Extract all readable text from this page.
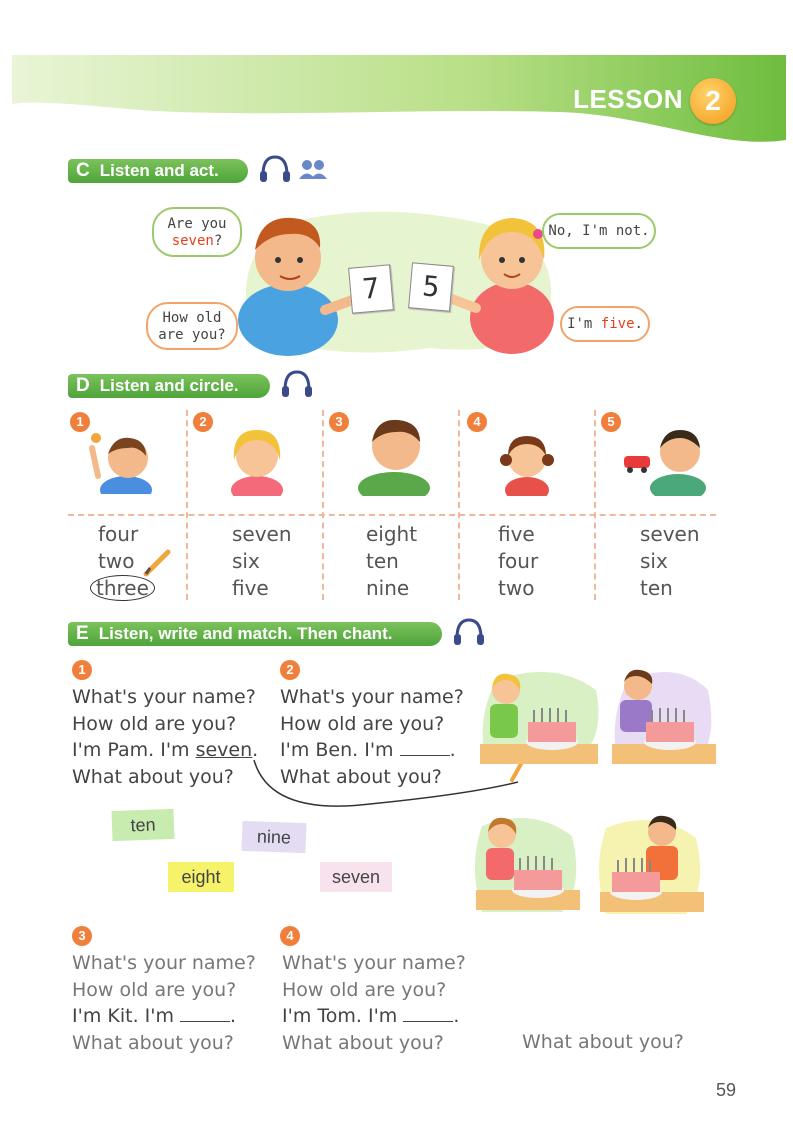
LESSON 2
C Listen and act.
7	5
Are you
seven?
How old
are you?
No, I'm not.
I'm five.
D Listen and circle.
1
four
two
three
2
seven
six
five
3
eight
ten
nine
4
five
four
two
5
seven
six
ten
E Listen, write and match. Then chant.
1
What's your name?
How old are you?
I'm Pam. I'm seven.
What about you?
2
What's your name?
How old are you?
I'm Ben. I'm	.
What about you?
ten
nine
eight	seven
3
What's your name?
How old are you?
I'm Kit. I'm	.
What about you?
4
What's your name?
How old are you?
I'm Tom. I'm	.
What about you?	What about you?
59
